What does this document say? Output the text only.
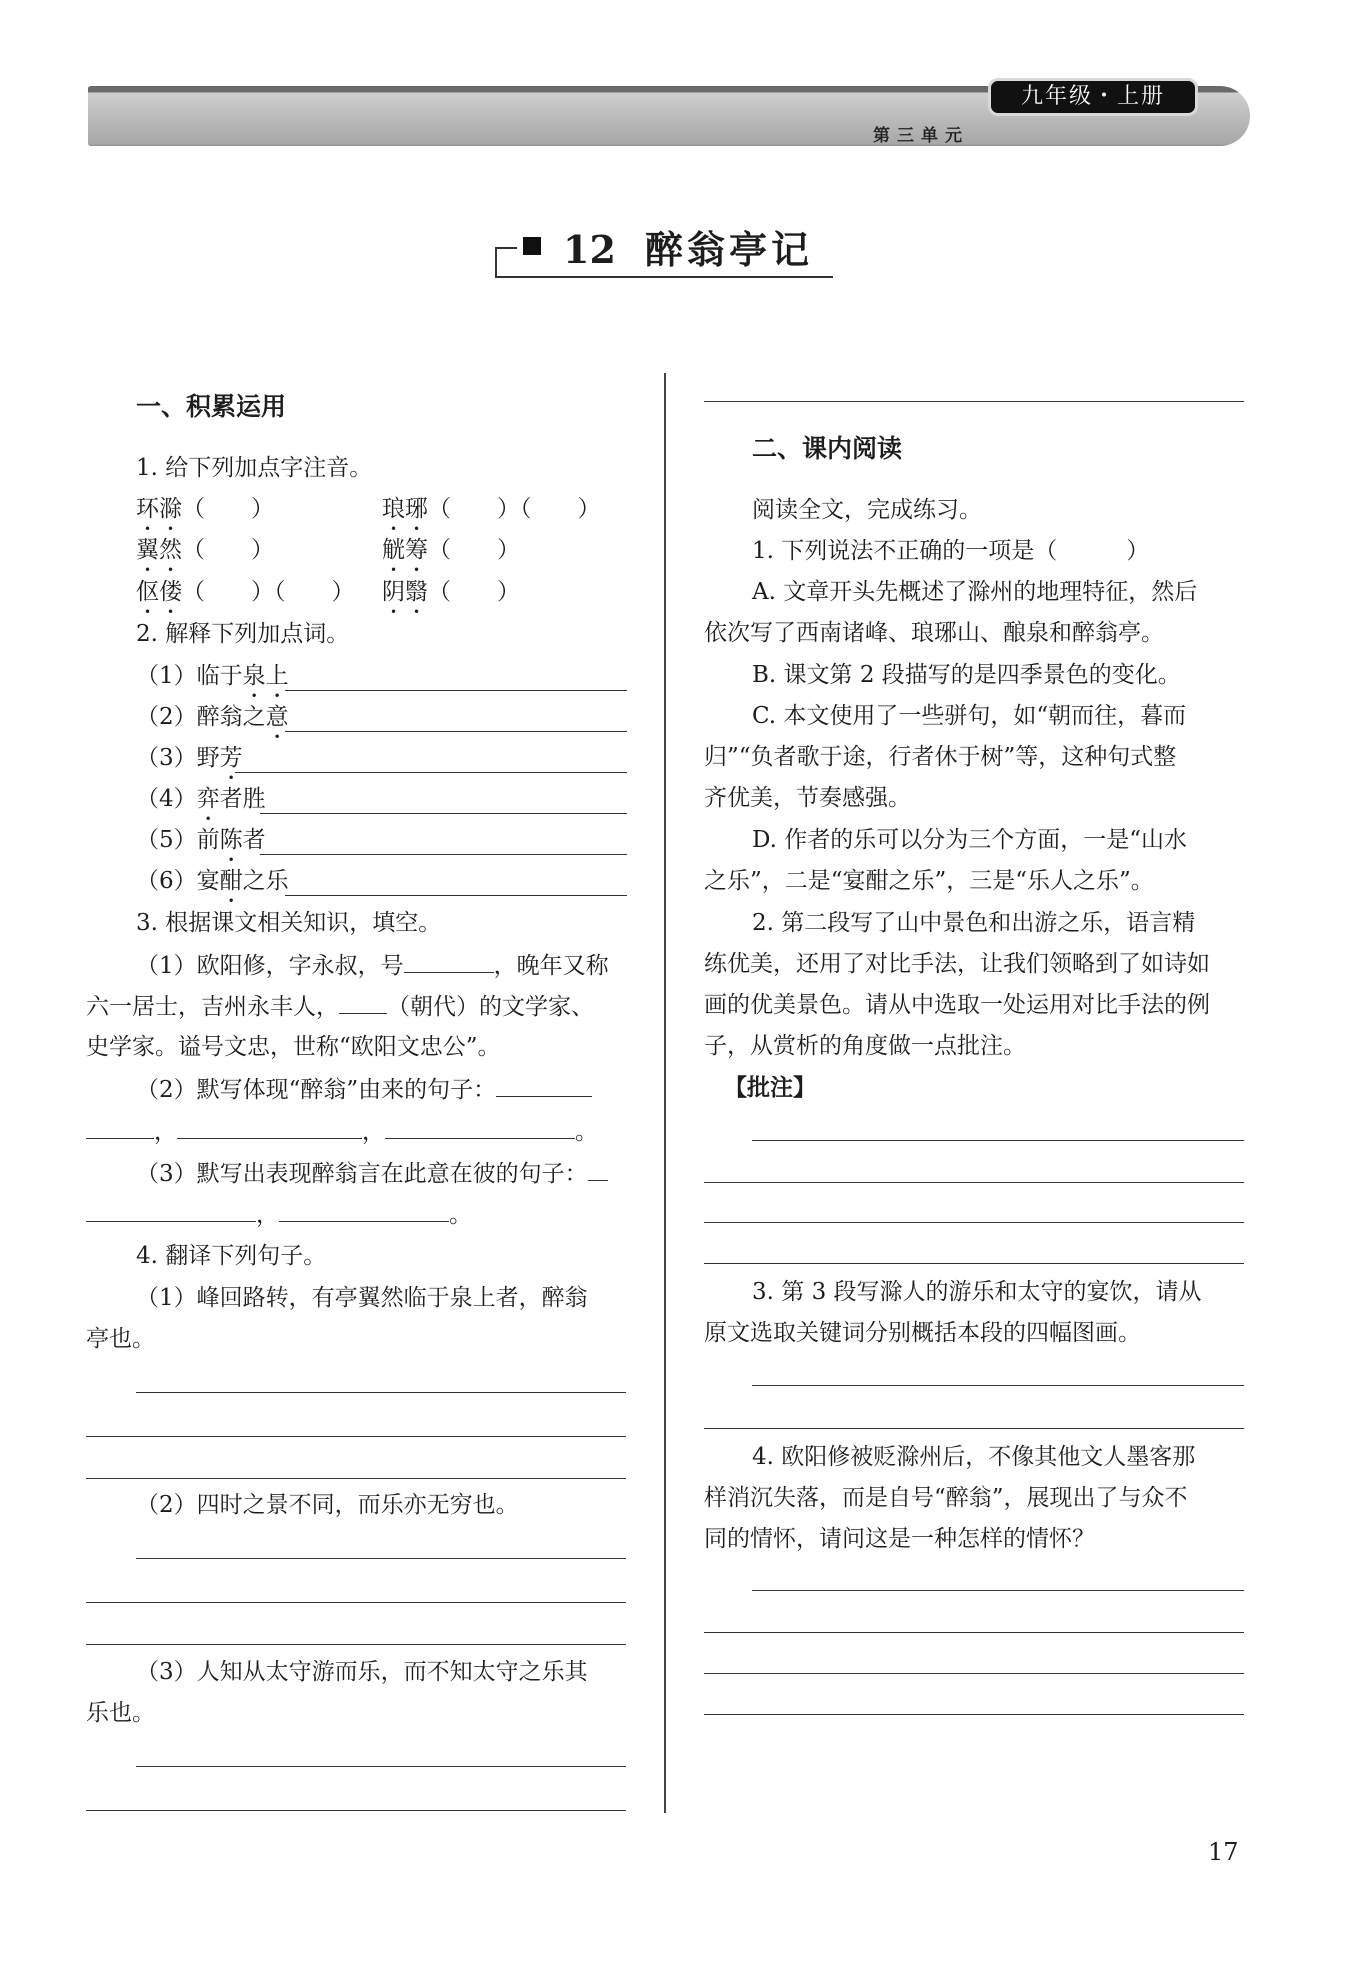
九年级・上册
第三单元
12 醉翁亭记
一、积累运用
1. 给下列加点字注音。
环滁（　　）	琅琊（　　）（　　）
翼然（　　）	觥筹（　　）
伛偻（　　）（　　） 阴翳（　　）
2. 解释下列加点词。
（1）临于泉上
（2）醉翁之意
（3）野芳
（4）弈者胜
（5）前陈者
（6）宴酣之乐
3. 根据课文相关知识，填空。
（1）欧阳修，字永叔，号	，晚年又称
六一居士，吉州永丰人， （朝代）的文学家、
史学家。谥号文忠，世称“欧阳文忠公”。
（2）默写体现“醉翁”由来的句子：
，	，	。
（3）默写出表现醉翁言在此意在彼的句子：
，	。
4. 翻译下列句子。
（1）峰回路转，有亭翼然临于泉上者，醉翁
亭也。
（2）四时之景不同，而乐亦无穷也。
（3）人知从太守游而乐，而不知太守之乐其
乐也。
二、课内阅读
阅读全文，完成练习。
1. 下列说法不正确的一项是（　　　）
A. 文章开头先概述了滁州的地理特征，然后
依次写了西南诸峰、琅琊山、酿泉和醉翁亭。
B. 课文第 2 段描写的是四季景色的变化。
C. 本文使用了一些骈句，如“朝而往，暮而
归”“负者歌于途，行者休于树”等，这种句式整
齐优美，节奏感强。
D. 作者的乐可以分为三个方面，一是“山水
之乐”，二是“宴酣之乐”，三是“乐人之乐”。
2. 第二段写了山中景色和出游之乐，语言精
练优美，还用了对比手法，让我们领略到了如诗如
画的优美景色。请从中选取一处运用对比手法的例
子，从赏析的角度做一点批注。
【批注】
3. 第 3 段写滁人的游乐和太守的宴饮，请从
原文选取关键词分别概括本段的四幅图画。
4. 欧阳修被贬滁州后，不像其他文人墨客那
样消沉失落，而是自号“醉翁”，展现出了与众不
同的情怀，请问这是一种怎样的情怀？
17
